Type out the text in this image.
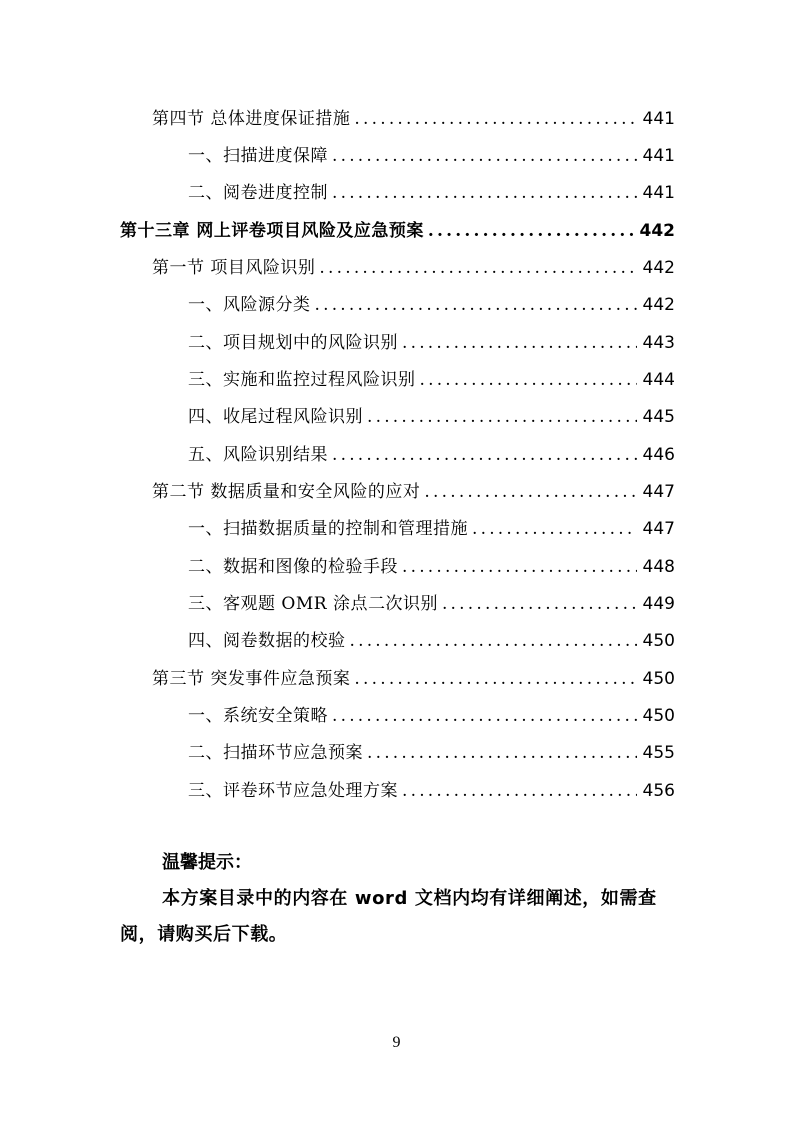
第四节 总体进度保证措施 .....	441
一、扫描进度保障 .....	441
二、阅卷进度控制 .....	441
第十三章 网上评卷项目风险及应急预案 .....	442
第一节 项目风险识别 .....	442
一、风险源分类 .....	442
二、项目规划中的风险识别 .....	443
三、实施和监控过程风险识别 .....	444
四、收尾过程风险识别 .....	445
五、风险识别结果 .....	446
第二节 数据质量和安全风险的应对 .....	447
一、扫描数据质量的控制和管理措施 .....	447
二、数据和图像的检验手段 .....	448
三、客观题 OMR 涂点二次识别 .....	449
四、阅卷数据的校验 .....	450
第三节 突发事件应急预案 .....	450
一、系统安全策略 .....	450
二、扫描环节应急预案 .....	455
三、评卷环节应急处理方案 .....	456
温馨提示：
本方案目录中的内容在 word 文档内均有详细阐述，如需查阅，请购买后下载。
9
